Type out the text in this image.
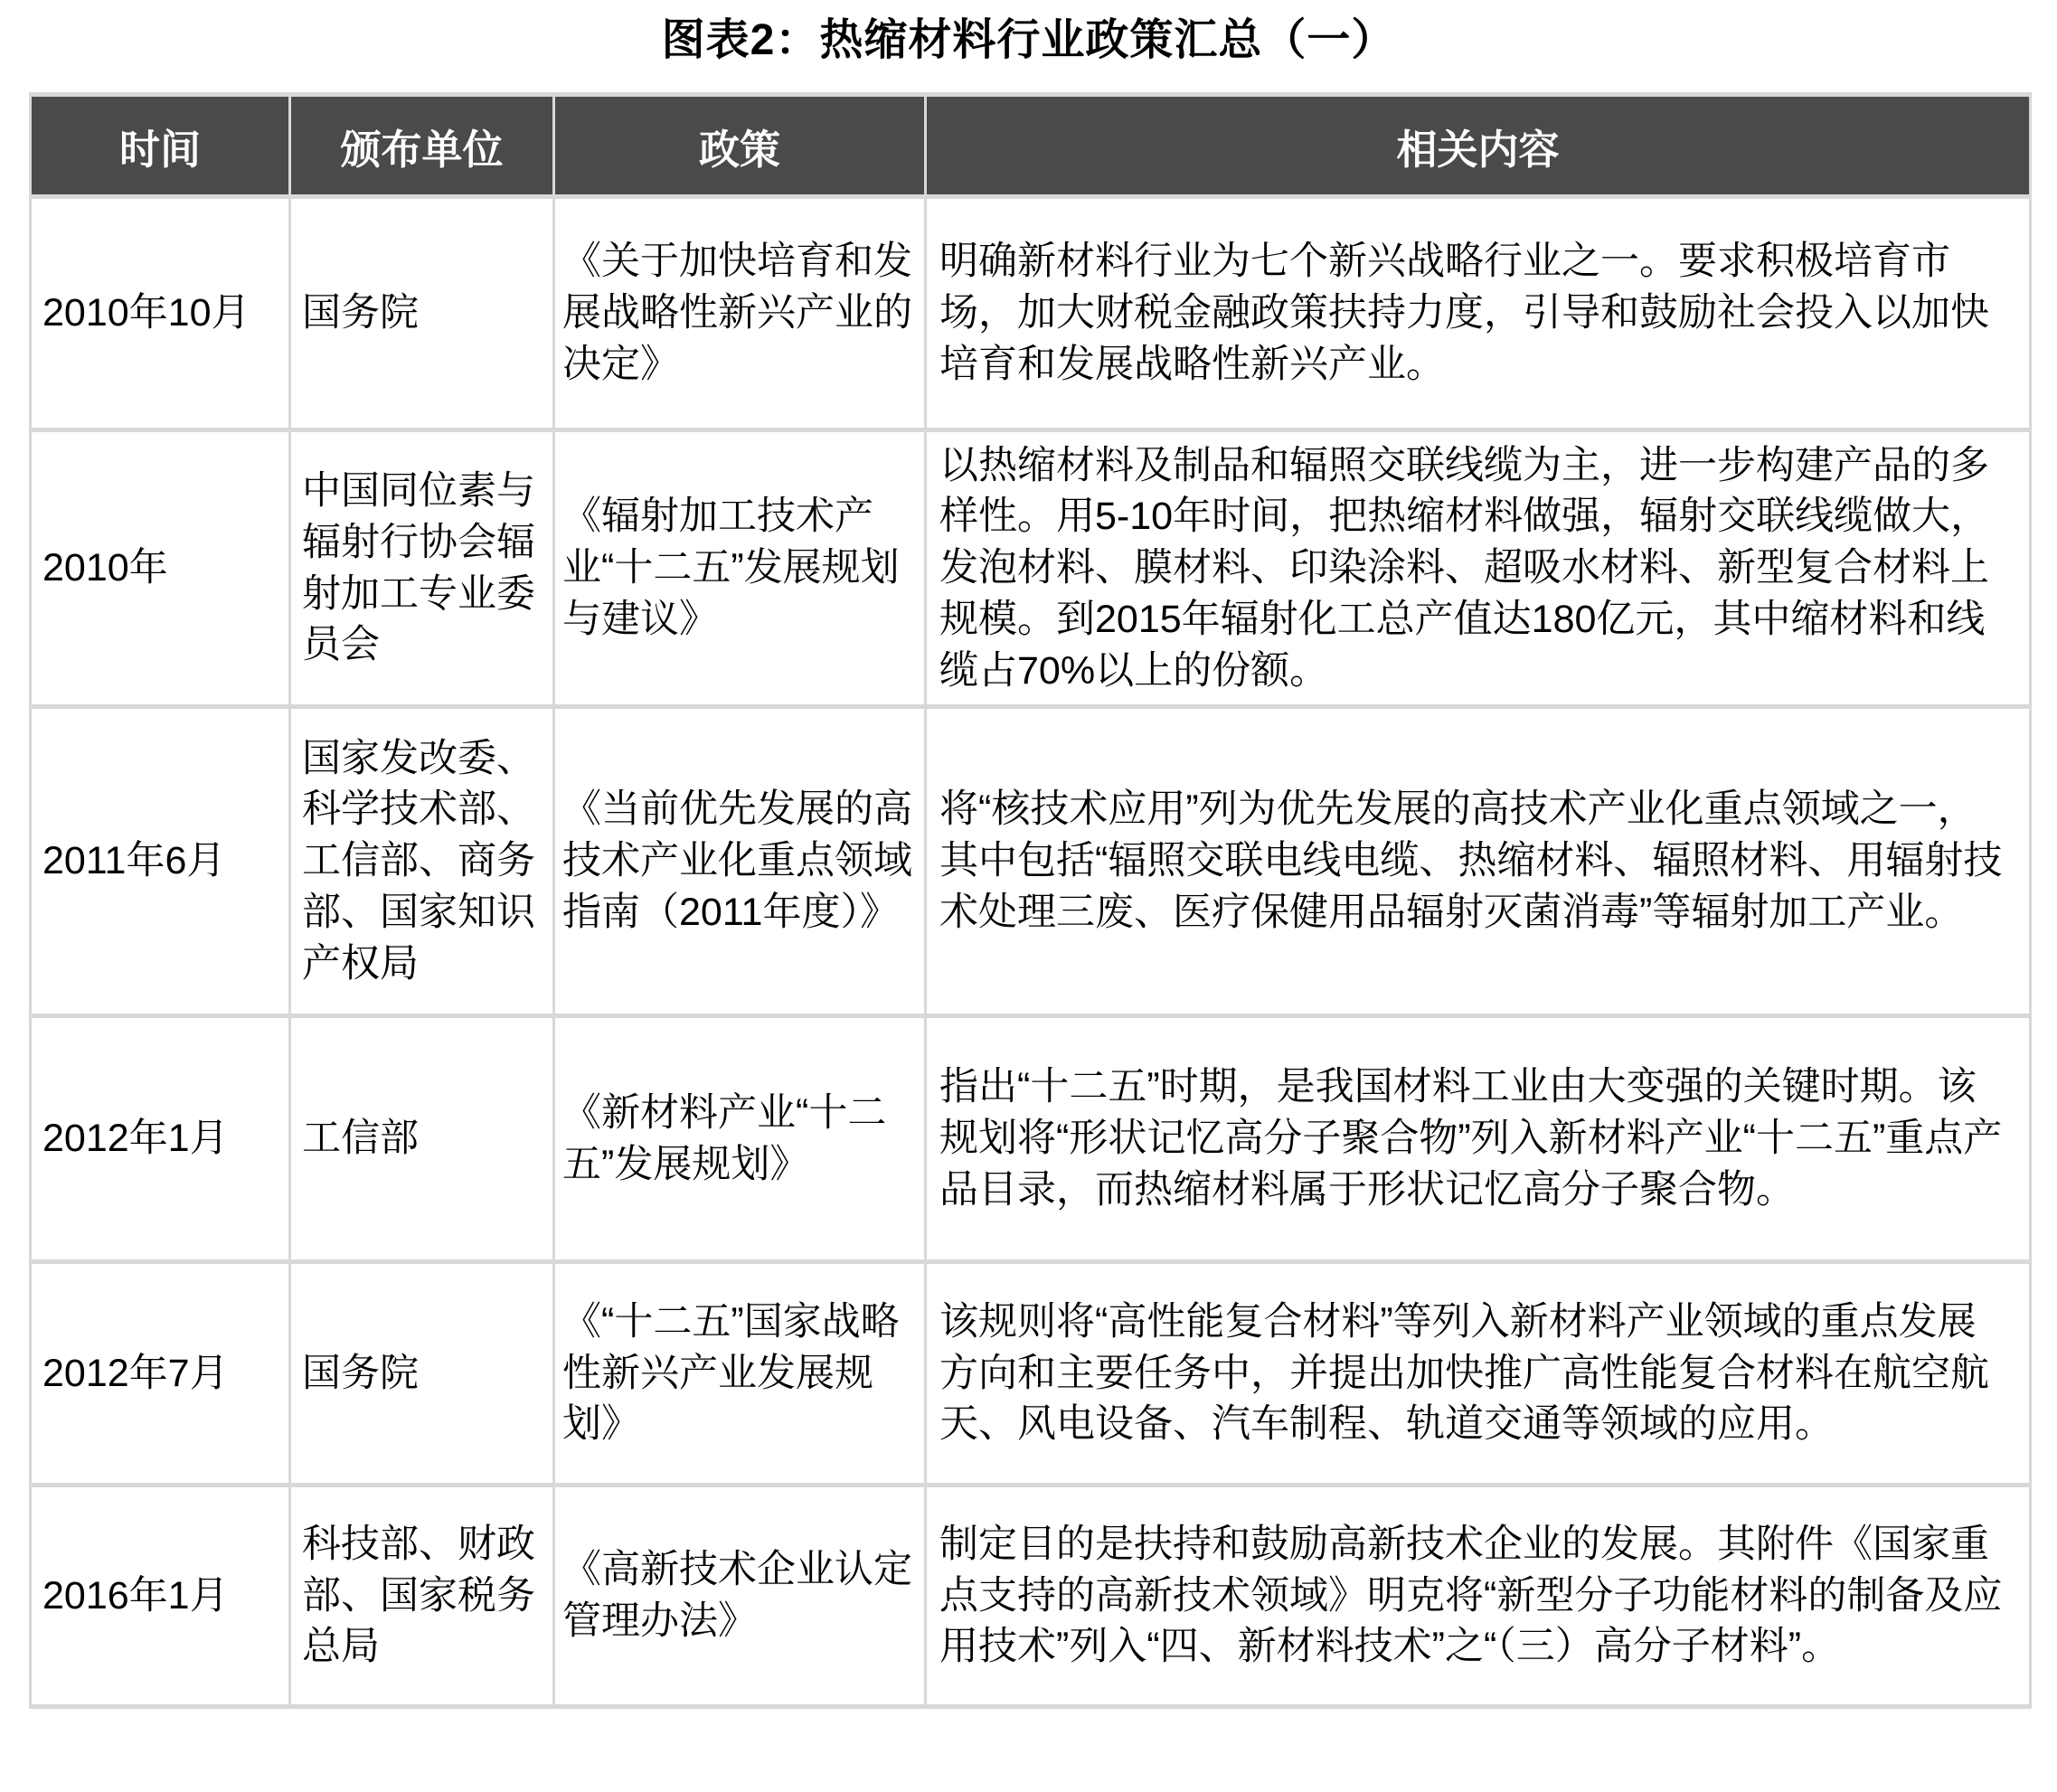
图表2：热缩材料行业政策汇总（一）
时间	颁布单位	政策	相关内容
2010年10月	国务院	《关于加快培育和发展战略性新兴产业的决定》	明确新材料行业为七个新兴战略行业之一。要求积极培育市场，加大财税金融政策扶持力度，引导和鼓励社会投入以加快培育和发展战略性新兴产业。
2010年	中国同位素与辐射行协会辐射加工专业委员会	《辐射加工技术产业“十二五”发展规划与建议》	以热缩材料及制品和辐照交联线缆为主，进一步构建产品的多样性。用5-10年时间，把热缩材料做强，辐射交联线缆做大，发泡材料、膜材料、印染涂料、超吸水材料、新型复合材料上规模。到2015年辐射化工总产值达180亿元，其中缩材料和线缆占70%以上的份额。
2011年6月	国家发改委、科学技术部、工信部、商务部、国家知识产权局	《当前优先发展的高技术产业化重点领域指南（2011年度）》	将“核技术应用”列为优先发展的高技术产业化重点领域之一，其中包括“辐照交联电线电缆、热缩材料、辐照材料、用辐射技术处理三废、医疗保健用品辐射灭菌消毒”等辐射加工产业。
2012年1月	工信部	《新材料产业“十二五”发展规划》	指出“十二五”时期，是我国材料工业由大变强的关键时期。该规划将“形状记忆高分子聚合物”列入新材料产业“十二五”重点产品目录，而热缩材料属于形状记忆高分子聚合物。
2012年7月	国务院	《“十二五”国家战略性新兴产业发展规划》	该规则将“高性能复合材料”等列入新材料产业领域的重点发展方向和主要任务中，并提出加快推广高性能复合材料在航空航天、风电设备、汽车制程、轨道交通等领域的应用。
2016年1月	科技部、财政部、国家税务总局	《高新技术企业认定管理办法》	制定目的是扶持和鼓励高新技术企业的发展。其附件《国家重点支持的高新技术领域》明克将“新型分子功能材料的制备及应用技术”列入“四、新材料技术”之“（三）高分子材料”。
